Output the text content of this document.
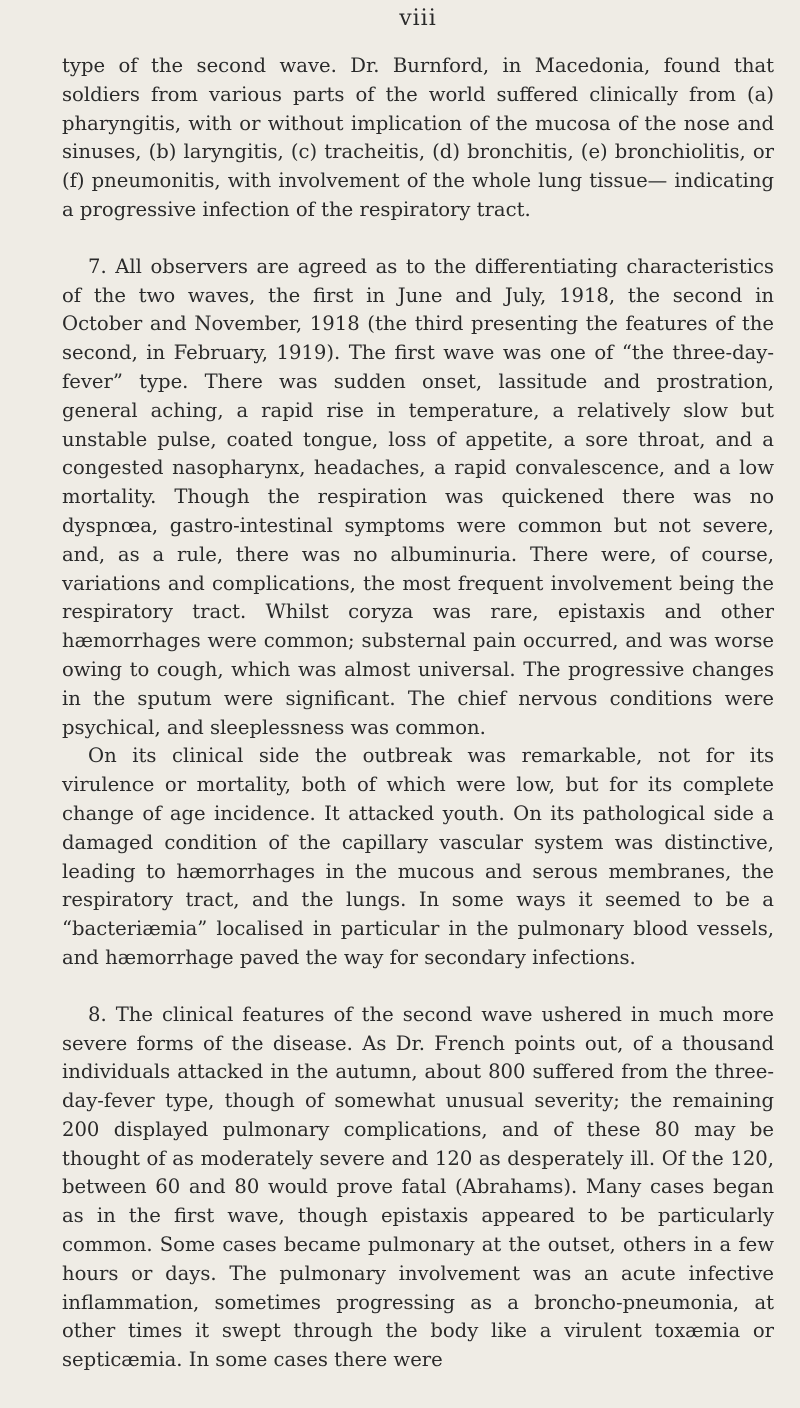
viii

type of the second wave. Dr. Burnford, in Macedonia, found that soldiers from various parts of the world suffered clinically from (a) pharyngitis, with or without implication of the mucosa of the nose and sinuses, (b) laryngitis, (c) tracheitis, (d) bronchitis, (e) bronchiolitis, or (f) pneumonitis, with involvement of the whole lung tissue— indicating a progressive infection of the respiratory tract.

7. All observers are agreed as to the differentiating characteristics of the two waves, the first in June and July, 1918, the second in October and November, 1918 (the third presenting the features of the second, in February, 1919). The first wave was one of “the three-day-fever” type. There was sudden onset, lassitude and prostration, general aching, a rapid rise in temperature, a relatively slow but unstable pulse, coated tongue, loss of appetite, a sore throat, and a congested nasopharynx, headaches, a rapid convalescence, and a low mortality. Though the respiration was quickened there was no dyspnœa, gastro-intestinal symptoms were common but not severe, and, as a rule, there was no albuminuria. There were, of course, variations and complications, the most frequent involvement being the respiratory tract. Whilst coryza was rare, epistaxis and other hæmorrhages were common; substernal pain occurred, and was worse owing to cough, which was almost universal. The progressive changes in the sputum were significant. The chief nervous conditions were psychical, and sleeplessness was common.

On its clinical side the outbreak was remarkable, not for its virulence or mortality, both of which were low, but for its complete change of age incidence. It attacked youth. On its pathological side a damaged condition of the capillary vascular system was distinctive, leading to hæmorrhages in the mucous and serous membranes, the respiratory tract, and the lungs. In some ways it seemed to be a “bacteriæmia” localised in particular in the pulmonary blood vessels, and hæmorrhage paved the way for secondary infections.

8. The clinical features of the second wave ushered in much more severe forms of the disease. As Dr. French points out, of a thousand individuals attacked in the autumn, about 800 suffered from the three-day-fever type, though of somewhat unusual severity; the remaining 200 displayed pulmonary complications, and of these 80 may be thought of as moderately severe and 120 as desperately ill. Of the 120, between 60 and 80 would prove fatal (Abrahams). Many cases began as in the first wave, though epistaxis appeared to be particularly common. Some cases became pulmonary at the outset, others in a few hours or days. The pulmonary involvement was an acute infective inflammation, sometimes progressing as a broncho-pneumonia, at other times it swept through the body like a virulent toxæmia or septicæmia. In some cases there were
